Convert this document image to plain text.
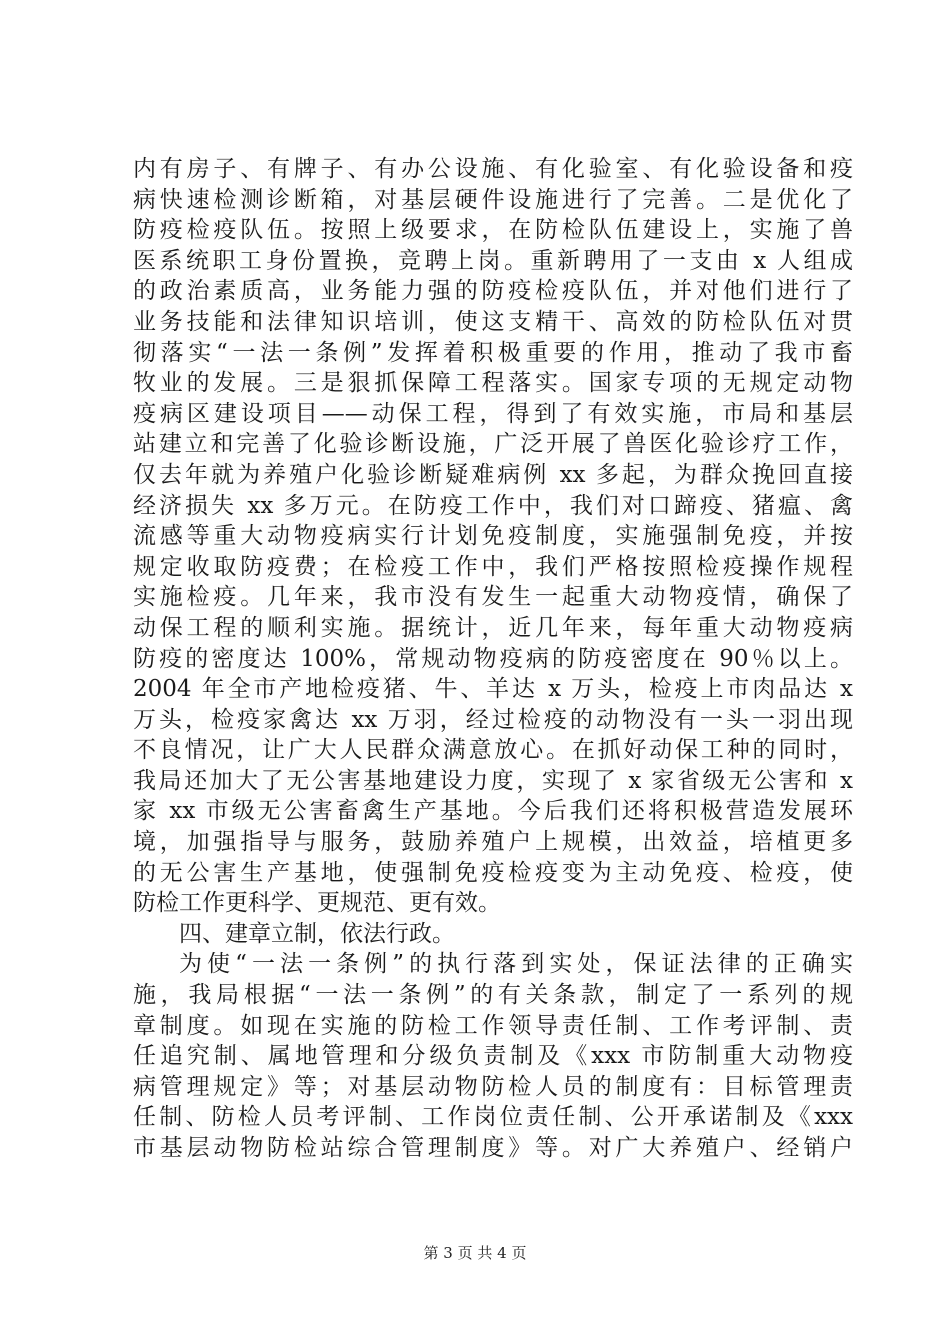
内有房子、有牌子、有办公设施、有化验室、有化验设备和疫
病快速检测诊断箱，对基层硬件设施进行了完善。二是优化了
防疫检疫队伍。按照上级要求，在防检队伍建设上，实施了兽
医系统职工身份置换，竞聘上岗。重新聘用了一支由 x 人组成
的政治素质高，业务能力强的防疫检疫队伍，并对他们进行了
业务技能和法律知识培训，使这支精干、高效的防检队伍对贯
彻落实“一法一条例”发挥着积极重要的作用，推动了我市畜
牧业的发展。三是狠抓保障工程落实。国家专项的无规定动物
疫病区建设项目——动保工程，得到了有效实施，市局和基层
站建立和完善了化验诊断设施，广泛开展了兽医化验诊疗工作，
仅去年就为养殖户化验诊断疑难病例 xx 多起，为群众挽回直接
经济损失 xx 多万元。在防疫工作中，我们对口蹄疫、猪瘟、禽
流感等重大动物疫病实行计划免疫制度，实施强制免疫，并按
规定收取防疫费；在检疫工作中，我们严格按照检疫操作规程
实施检疫。几年来，我市没有发生一起重大动物疫情，确保了
动保工程的顺利实施。据统计，近几年来，每年重大动物疫病
防疫的密度达 100%，常规动物疫病的防疫密度在 90％以上。
2004 年全市产地检疫猪、牛、羊达 x 万头，检疫上市肉品达 x
万头，检疫家禽达 xx 万羽，经过检疫的动物没有一头一羽出现
不良情况，让广大人民群众满意放心。在抓好动保工种的同时，
我局还加大了无公害基地建设力度，实现了 x 家省级无公害和 x
家 xx 市级无公害畜禽生产基地。今后我们还将积极营造发展环
境，加强指导与服务，鼓励养殖户上规模，出效益，培植更多
的无公害生产基地，使强制免疫检疫变为主动免疫、检疫，使
防检工作更科学、更规范、更有效。
四、建章立制，依法行政。
为使“一法一条例”的执行落到实处，保证法律的正确实
施，我局根据“一法一条例”的有关条款，制定了一系列的规
章制度。如现在实施的防检工作领导责任制、工作考评制、责
任追究制、属地管理和分级负责制及《xxx 市防制重大动物疫
病管理规定》等；对基层动物防检人员的制度有：目标管理责
任制、防检人员考评制、工作岗位责任制、公开承诺制及《xxx
市基层动物防检站综合管理制度》等。对广大养殖户、经销户
第 3 页 共 4 页
